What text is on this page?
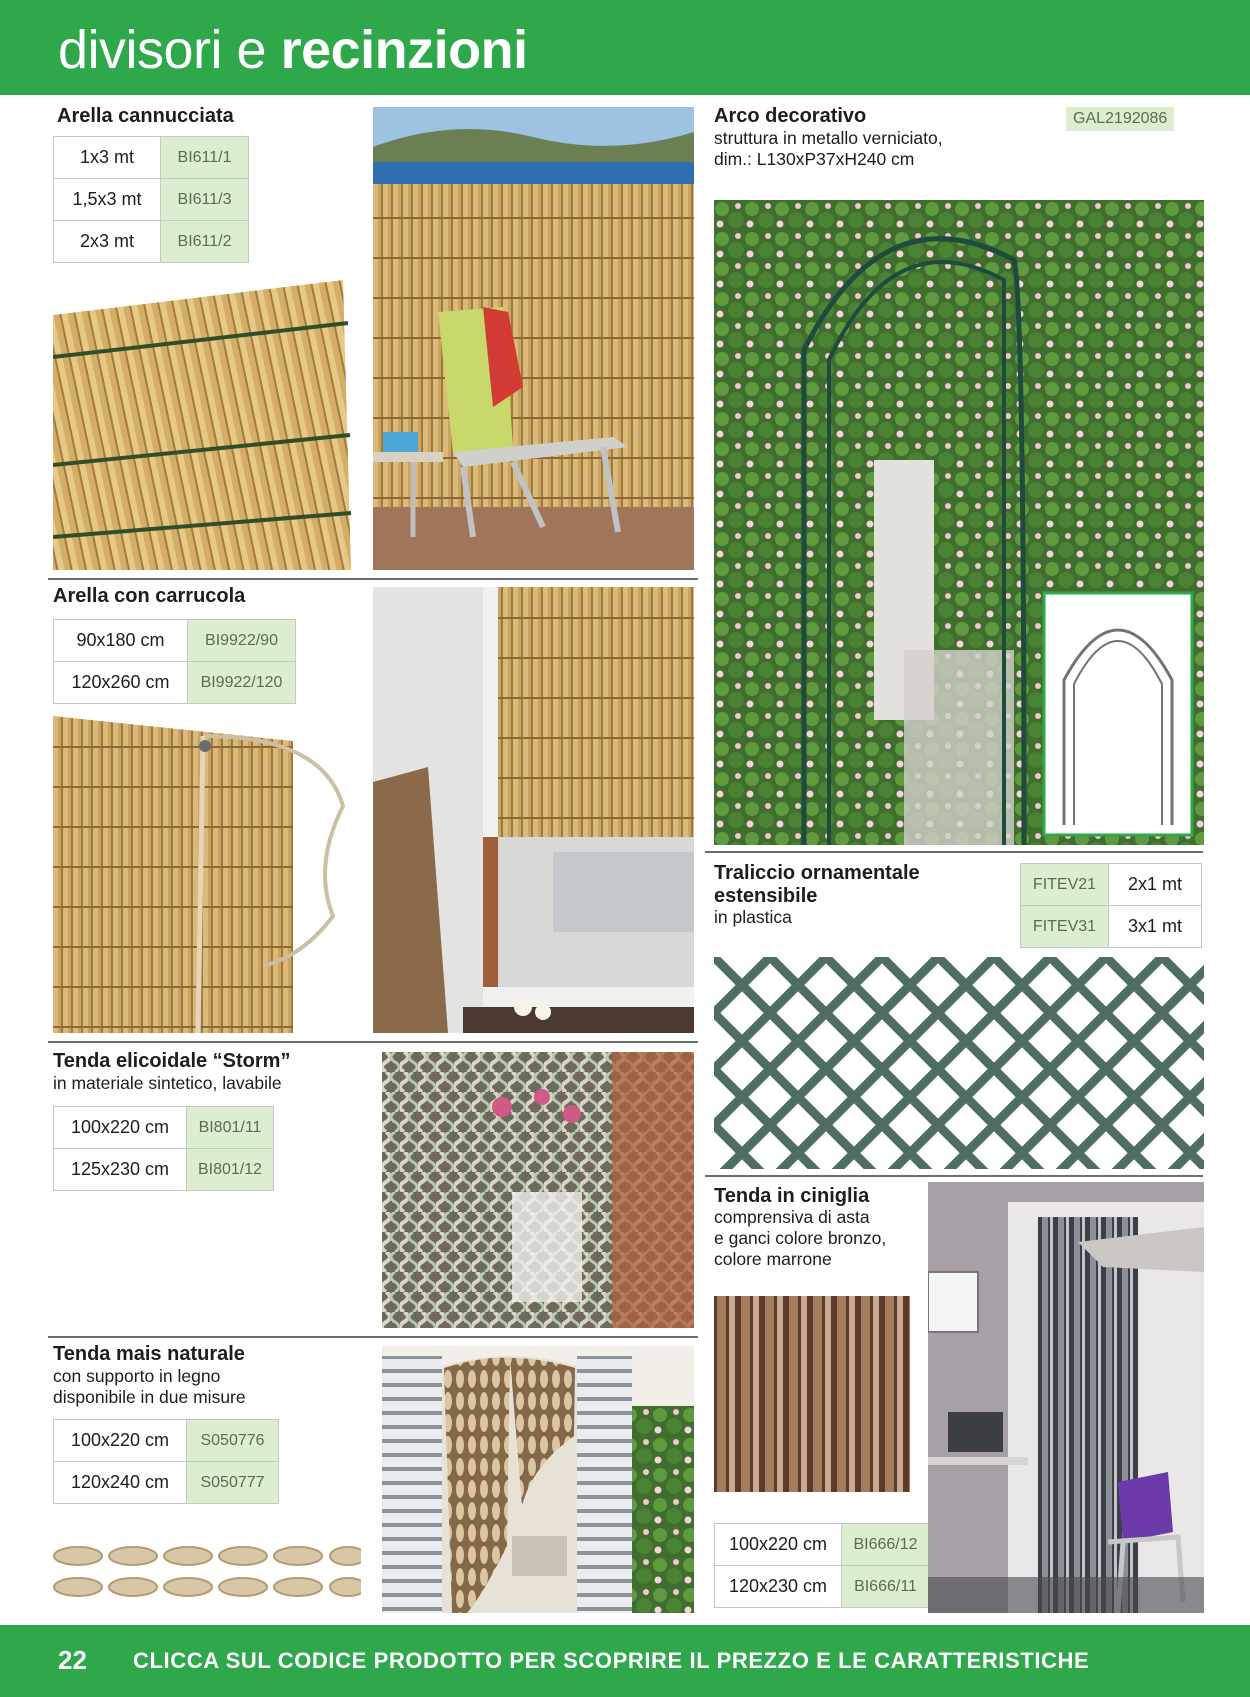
divisori e recinzioni
Arella cannucciata
1x3 mt	BI611/1
1,5x3 mt	BI611/3
2x3 mt	BI611/2
Arella con carrucola
90x180 cm	BI9922/90
120x260 cm	BI9922/120
Tenda elicoidale “Storm”
in materiale sintetico, lavabile
100x220 cm	BI801/11
125x230 cm	BI801/12
Tenda mais naturale
con supporto in legno
disponibile in due misure
100x220 cm	S050776
120x240 cm	S050777
Arco decorativo	GAL2192086
struttura in metallo verniciato,
dim.: L130xP37xH240 cm
Traliccio ornamentale
estensibile
in plastica
FITEV21	2x1 mt
FITEV31	3x1 mt
Tenda in ciniglia
comprensiva di asta
e ganci colore bronzo,
colore marrone
100x220 cm	BI666/12
120x230 cm	BI666/11
22 CLICCA SUL CODICE PRODOTTO PER SCOPRIRE IL PREZZO E LE CARATTERISTICHE
